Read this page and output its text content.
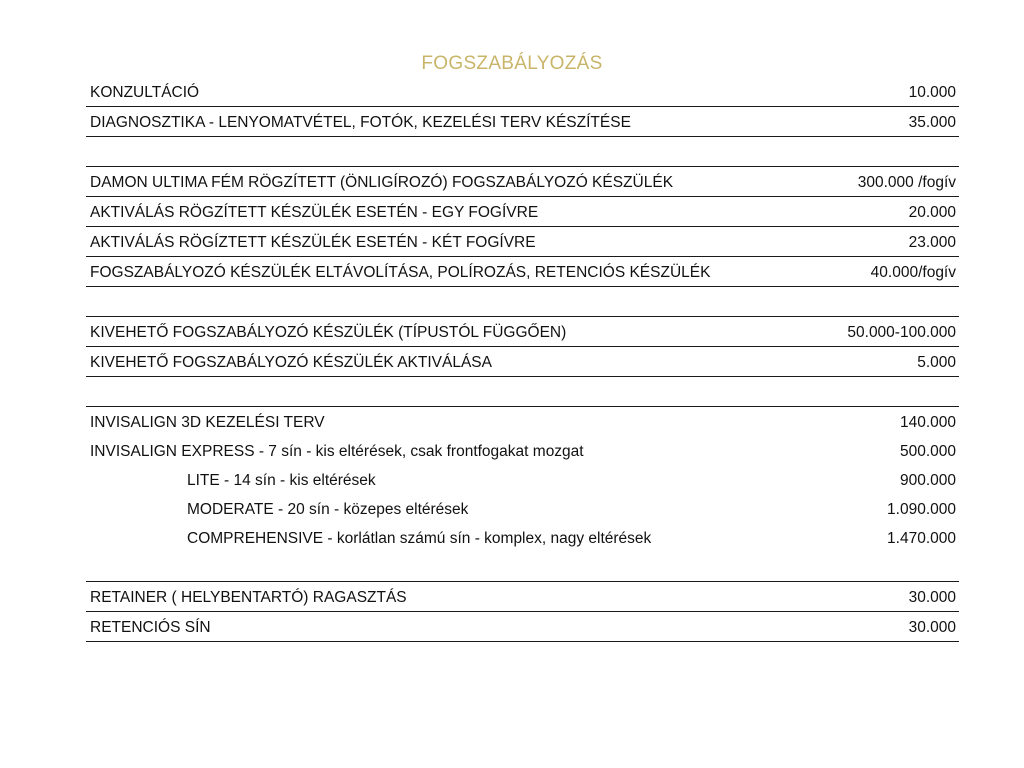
FOGSZABÁLYOZÁS
KONZULTÁCIÓ	10.000
DIAGNOSZTIKA - LENYOMATVÉTEL, FOTÓK, KEZELÉSI TERV KÉSZÍTÉSE	35.000
DAMON ULTIMA FÉM RÖGZÍTETT (ÖNLIGÍROZÓ) FOGSZABÁLYOZÓ KÉSZÜLÉK	300.000 /fogív
AKTIVÁLÁS RÖGZÍTETT KÉSZÜLÉK ESETÉN - EGY FOGÍVRE	20.000
AKTIVÁLÁS RÖGÍZTETT KÉSZÜLÉK ESETÉN - KÉT FOGÍVRE	23.000
FOGSZABÁLYOZÓ KÉSZÜLÉK ELTÁVOLÍTÁSA, POLÍROZÁS, RETENCIÓS KÉSZÜLÉK	40.000/fogív
KIVEHETŐ FOGSZABÁLYOZÓ KÉSZÜLÉK (TÍPUSTÓL FÜGGŐEN)	50.000-100.000
KIVEHETŐ FOGSZABÁLYOZÓ KÉSZÜLÉK AKTIVÁLÁSA	5.000
INVISALIGN 3D KEZELÉSI TERV	140.000
INVISALIGN EXPRESS - 7 sín - kis eltérések, csak frontfogakat mozgat	500.000
LITE - 14 sín - kis eltérések	900.000
MODERATE - 20 sín - közepes eltérések	1.090.000
COMPREHENSIVE - korlátlan számú sín - komplex, nagy eltérések	1.470.000
RETAINER ( HELYBENTARTÓ) RAGASZTÁS	30.000
RETENCIÓS SÍN	30.000
